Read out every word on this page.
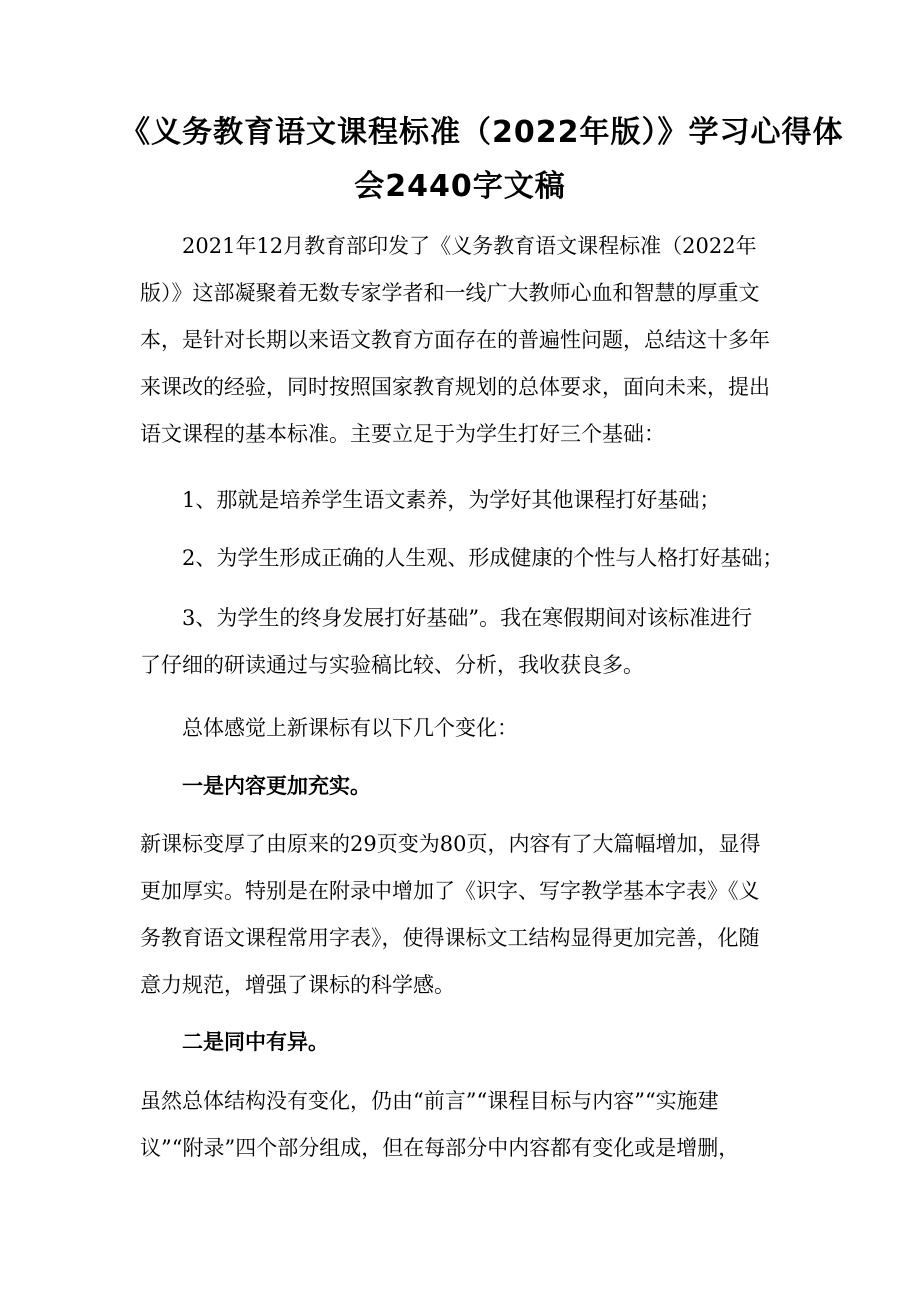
《义务教育语文课程标准（2022年版）》学习心得体
会2440字文稿
2021年12月教育部印发了《义务教育语文课程标准（2022年
版）》这部凝聚着无数专家学者和一线广大教师心血和智慧的厚重文
本，是针对长期以来语文教育方面存在的普遍性问题，总结这十多年
来课改的经验，同时按照国家教育规划的总体要求，面向未来，提出
语文课程的基本标准。主要立足于为学生打好三个基础：
1、那就是培养学生语文素养，为学好其他课程打好基础；
2、为学生形成正确的人生观、形成健康的个性与人格打好基础；
3、为学生的终身发展打好基础”。我在寒假期间对该标准进行
了仔细的研读通过与实验稿比较、分析，我收获良多。
总体感觉上新课标有以下几个变化：
一是内容更加充实。
新课标变厚了由原来的29页变为80页，内容有了大篇幅增加，显得
更加厚实。特别是在附录中增加了《识字、写字教学基本字表》《义
务教育语文课程常用字表》，使得课标文工结构显得更加完善，化随
意力规范，增强了课标的科学感。
二是同中有异。
虽然总体结构没有变化，仍由“前言”“课程目标与内容”“实施建
议”“附录”四个部分组成，但在每部分中内容都有变化或是增删，
